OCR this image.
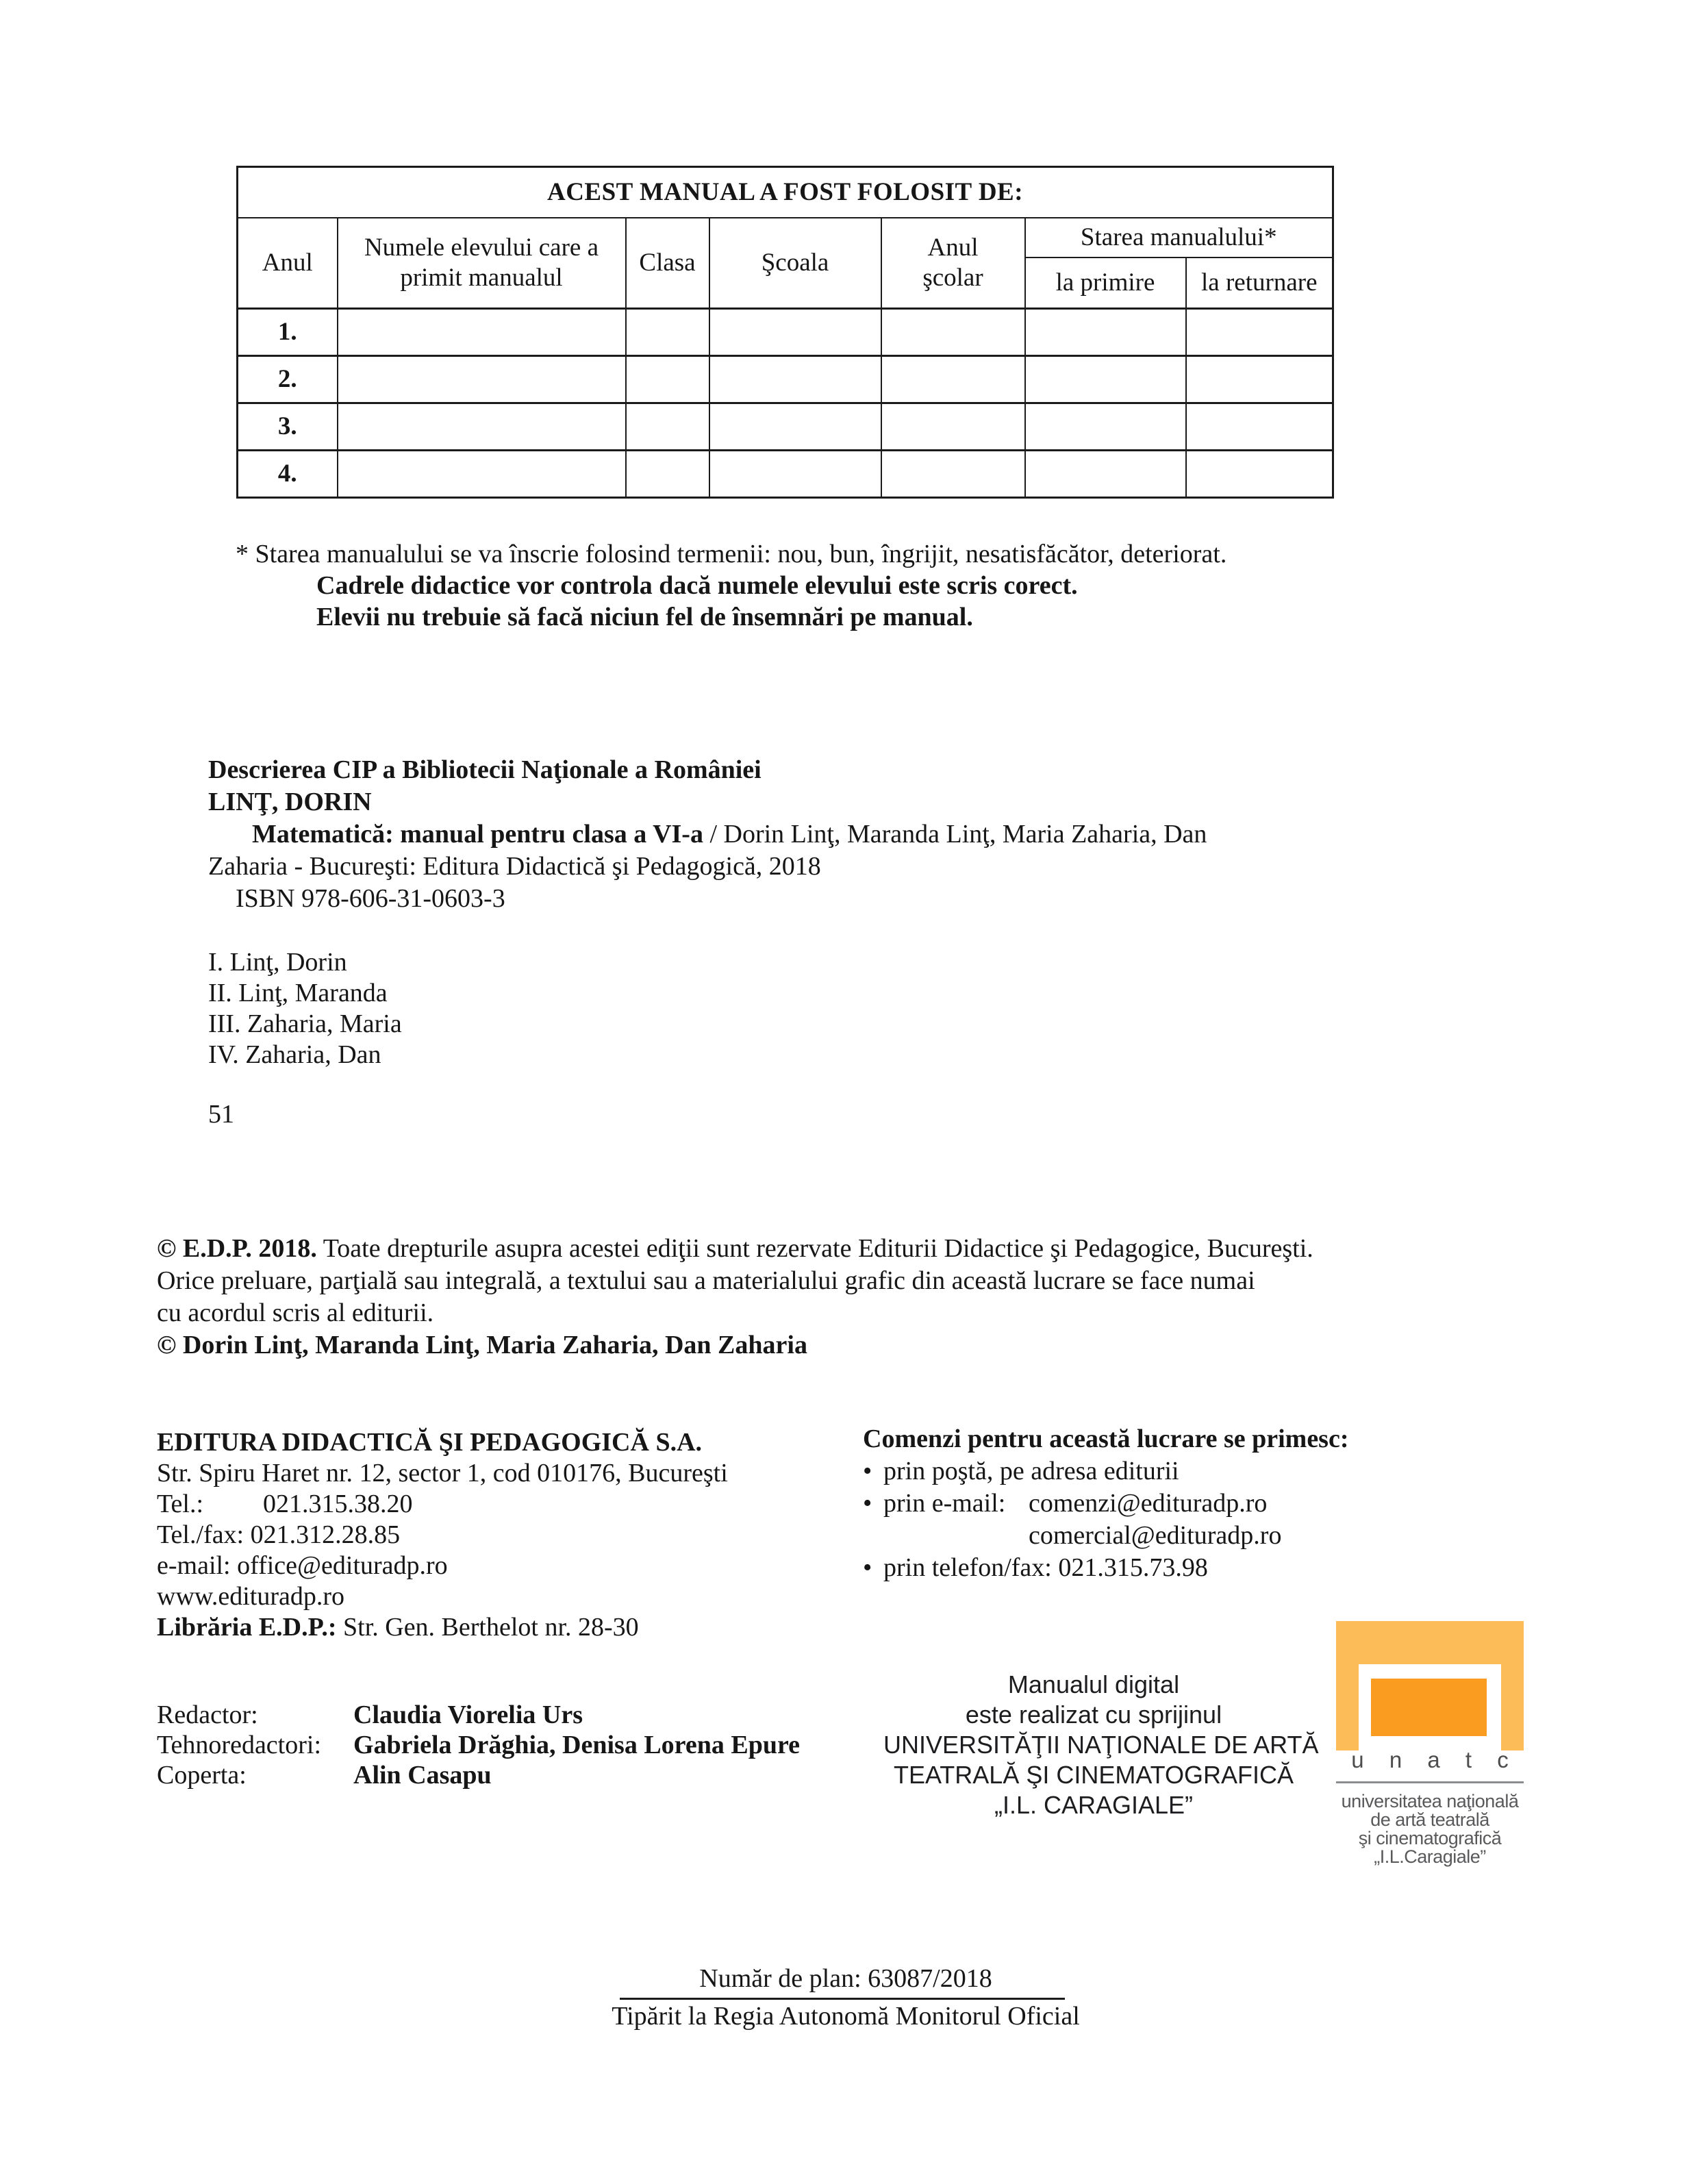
ACEST MANUAL A FOST FOLOSIT DE:						
Anul	Numele elevului care a primit manualul	Clasa	Şcoala	Anul şcolar	Starea manualului*	
					la primire	la returnare
1.						
2.						
3.						
4.						
* Starea manualului se va înscrie folosind termenii: nou, bun, îngrijit, nesatisfăcător, deteriorat.
Cadrele didactice vor controla dacă numele elevului este scris corect.
Elevii nu trebuie să facă niciun fel de însemnări pe manual.
Descrierea CIP a Bibliotecii Naţionale a României
LINŢ, DORIN
Matematică: manual pentru clasa a VI-a / Dorin Linţ, Maranda Linţ, Maria Zaharia, Dan
Zaharia - Bucureşti: Editura Didactică şi Pedagogică, 2018
ISBN 978-606-31-0603-3
I. Linţ, Dorin
II. Linţ, Maranda
III. Zaharia, Maria
IV. Zaharia, Dan
51
© E.D.P. 2018. Toate drepturile asupra acestei ediţii sunt rezervate Editurii Didactice şi Pedagogice, Bucureşti.
Orice preluare, parţială sau integrală, a textului sau a materialului grafic din această lucrare se face numai
cu acordul scris al editurii.
© Dorin Linţ, Maranda Linţ, Maria Zaharia, Dan Zaharia
EDITURA DIDACTICĂ ŞI PEDAGOGICĂ S.A.
Str. Spiru Haret nr. 12, sector 1, cod 010176, Bucureşti
Tel.: 021.315.38.20
Tel./fax: 021.312.28.85
e-mail: office@edituradp.ro
www.edituradp.ro
Librăria E.D.P.: Str. Gen. Berthelot nr. 28-30
Comenzi pentru această lucrare se primesc:
• prin poştă, pe adresa editurii
• prin e-mail: comenzi@edituradp.ro
comercial@edituradp.ro
• prin telefon/fax: 021.315.73.98
Redactor:	Claudia Viorelia Urs
Tehnoredactori: Gabriela Drăghia, Denisa Lorena Epure
Coperta:	Alin Casapu
Manualul digital
este realizat cu sprijinul
UNIVERSITĂŢII NAŢIONALE DE ARTĂ
TEATRALĂ ŞI CINEMATOGRAFICĂ
„I.L. CARAGIALE”
u n a t c
universitatea naţională
de artă teatrală
şi cinematografică
„I.L.Caragiale”
Număr de plan: 63087/2018
Tipărit la Regia Autonomă Monitorul Oficial
